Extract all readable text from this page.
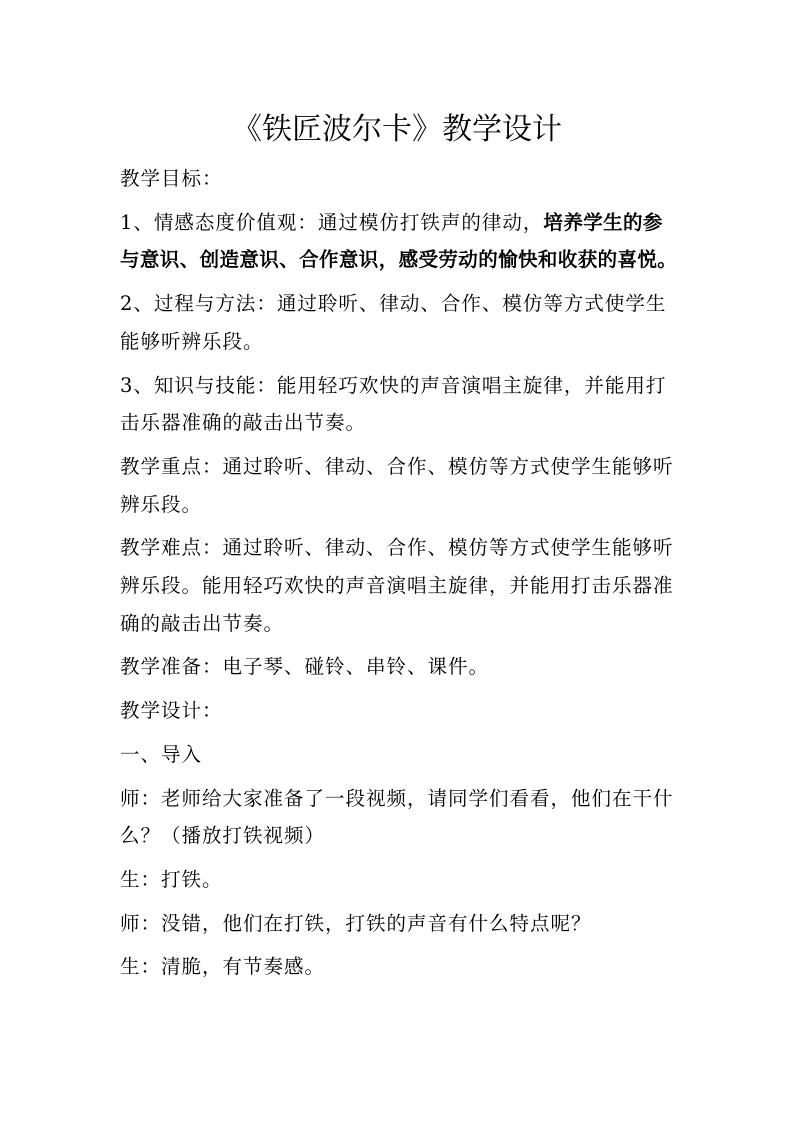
《铁匠波尔卡》教学设计

教学目标：

1、情感态度价值观：通过模仿打铁声的律动，培养学生的参与意识、创造意识、合作意识，感受劳动的愉快和收获的喜悦。

2、过程与方法：通过聆听、律动、合作、模仿等方式使学生能够听辨乐段。

3、知识与技能：能用轻巧欢快的声音演唱主旋律，并能用打击乐器准确的敲击出节奏。

教学重点：通过聆听、律动、合作、模仿等方式使学生能够听辨乐段。

教学难点：通过聆听、律动、合作、模仿等方式使学生能够听辨乐段。能用轻巧欢快的声音演唱主旋律，并能用打击乐器准确的敲击出节奏。

教学准备：电子琴、碰铃、串铃、课件。

教学设计：

一、导入

师：老师给大家准备了一段视频，请同学们看看，他们在干什么？（播放打铁视频）

生：打铁。

师：没错，他们在打铁，打铁的声音有什么特点呢？

生：清脆，有节奏感。
